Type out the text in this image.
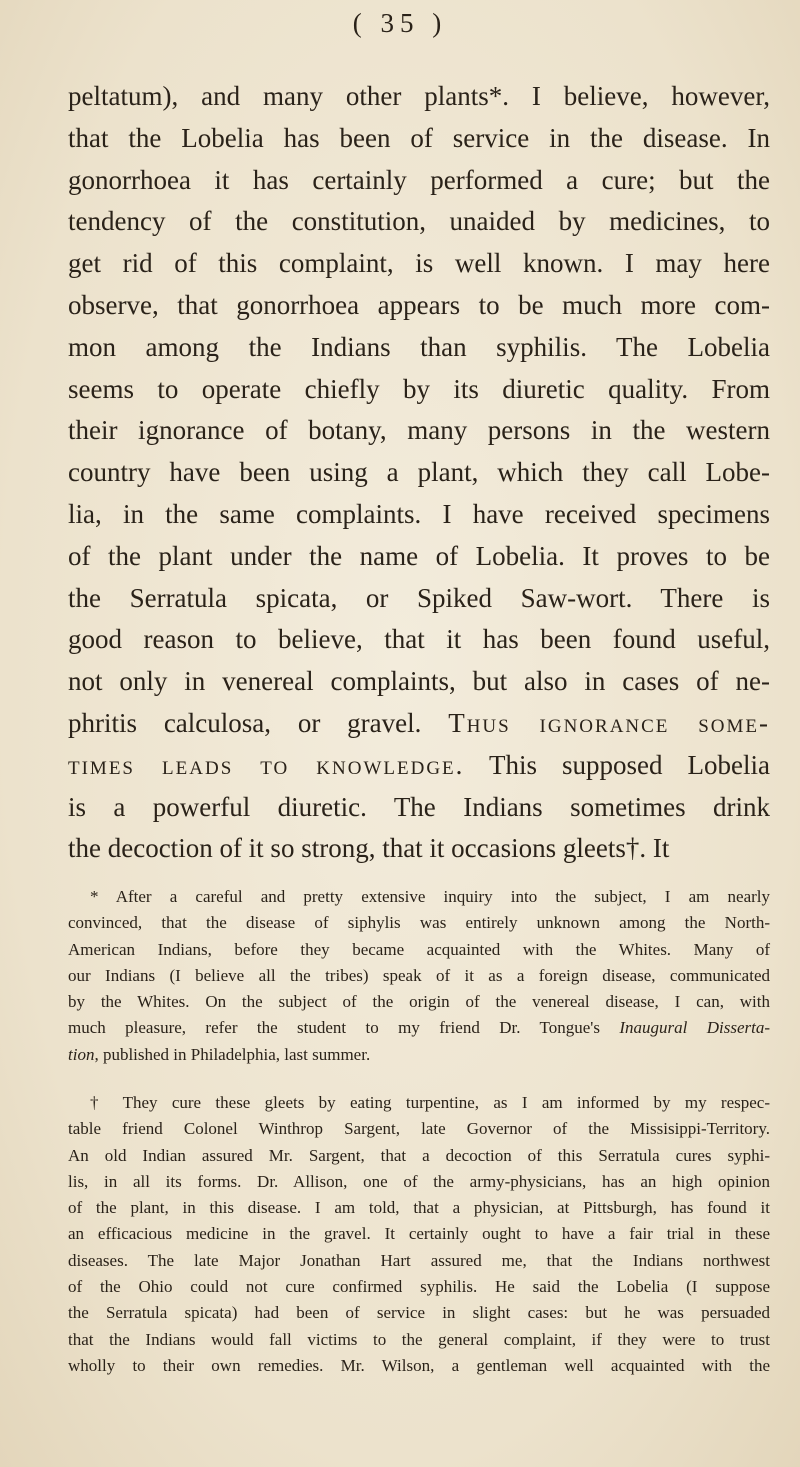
( 35 )
peltatum), and many other plants*. I believe, however,
that the Lobelia has been of service in the disease. In
gonorrhoea it has certainly performed a cure; but the
tendency of the constitution, unaided by medicines, to
get rid of this complaint, is well known. I may here
observe, that gonorrhoea appears to be much more com-
mon among the Indians than syphilis. The Lobelia
seems to operate chiefly by its diuretic quality. From
their ignorance of botany, many persons in the western
country have been using a plant, which they call Lobe-
lia, in the same complaints. I have received specimens
of the plant under the name of Lobelia. It proves to be
the Serratula spicata, or Spiked Saw-wort. There is
good reason to believe, that it has been found useful,
not only in venereal complaints, but also in cases of ne-
phritis calculosa, or gravel. Thus ignorance some-
times leads to knowledge. This supposed Lobelia
is a powerful diuretic. The Indians sometimes drink
the decoction of it so strong, that it occasions gleets†. It
* After a careful and pretty extensive inquiry into the subject, I am nearly
convinced, that the disease of siphylis was entirely unknown among the North-
American Indians, before they became acquainted with the Whites. Many of
our Indians (I believe all the tribes) speak of it as a foreign disease, communicated
by the Whites. On the subject of the origin of the venereal disease, I can, with
much pleasure, refer the student to my friend Dr. Tongue's Inaugural Disserta-
tion, published in Philadelphia, last summer.
† They cure these gleets by eating turpentine, as I am informed by my respec-
table friend Colonel Winthrop Sargent, late Governor of the Missisippi-Territory.
An old Indian assured Mr. Sargent, that a decoction of this Serratula cures syphi-
lis, in all its forms. Dr. Allison, one of the army-physicians, has an high opinion
of the plant, in this disease. I am told, that a physician, at Pittsburgh, has found it
an efficacious medicine in the gravel. It certainly ought to have a fair trial in these
diseases. The late Major Jonathan Hart assured me, that the Indians northwest
of the Ohio could not cure confirmed syphilis. He said the Lobelia (I suppose
the Serratula spicata) had been of service in slight cases: but he was persuaded
that the Indians would fall victims to the general complaint, if they were to trust
wholly to their own remedies. Mr. Wilson, a gentleman well acquainted with the
